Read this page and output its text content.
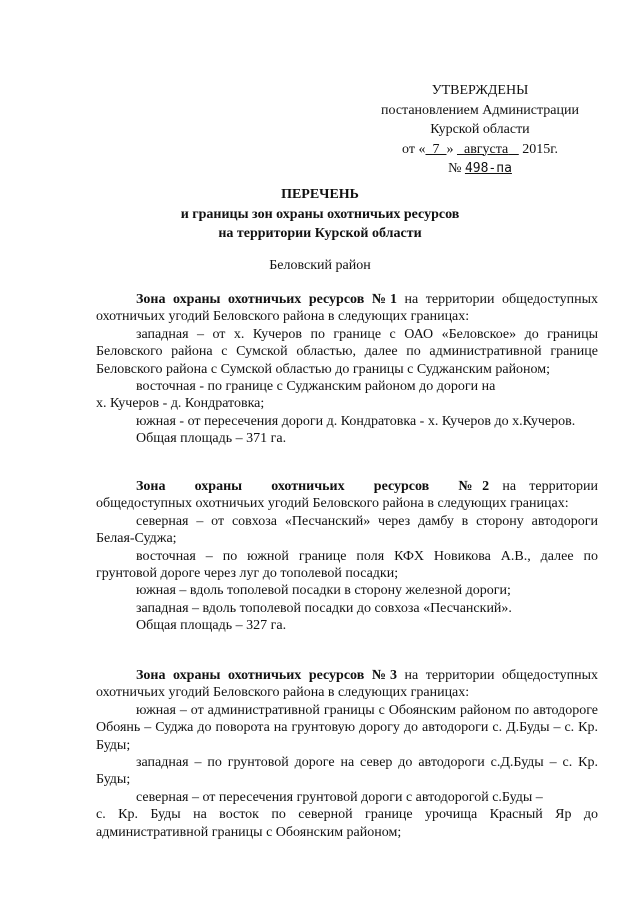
УТВЕРЖДЕНЫ
постановлением Администрации
Курской области
от « 7 » августа 2015г.
№ 498-па
ПЕРЕЧЕНЬ
и границы зон охраны охотничьих ресурсов
на территории Курской области
Беловский район

Зона охраны охотничьих ресурсов №1 на территории общедоступных охотничьих угодий Беловского района в следующих границах:

западная – от х. Кучеров по границе с ОАО «Беловское» до границы Беловского района с Сумской областью, далее по административной границе Беловского района с Сумской областью до границы с Суджанским районом;

восточная - по границе с Суджанским районом до дороги на

х. Кучеров - д. Кондратовка;

южная - от пересечения дороги д. Кондратовка - х. Кучеров до х.Кучеров.

Общая площадь – 371 га.

Зона охраны охотничьих ресурсов №2 на территории общедоступных охотничьих угодий Беловского района в следующих границах:

северная – от совхоза «Песчанский» через дамбу в сторону автодороги Белая-Суджа;

восточная – по южной границе поля КФХ Новикова А.В., далее по грунтовой дороге через луг до тополевой посадки;

южная – вдоль тополевой посадки в сторону железной дороги;

западная – вдоль тополевой посадки до совхоза «Песчанский».

Общая площадь – 327 га.

Зона охраны охотничьих ресурсов №3 на территории общедоступных охотничьих угодий Беловского района в следующих границах:

южная – от административной границы с Обоянским районом по автодороге Обоянь – Суджа до поворота на грунтовую дорогу до автодороги с. Д.Буды – с. Кр. Буды;

западная – по грунтовой дороге на север до автодороги с.Д.Буды – с. Кр. Буды;

северная – от пересечения грунтовой дороги с автодорогой с.Буды –

с. Кр. Буды на восток по северной границе урочища Красный Яр до административной границы с Обоянским районом;
